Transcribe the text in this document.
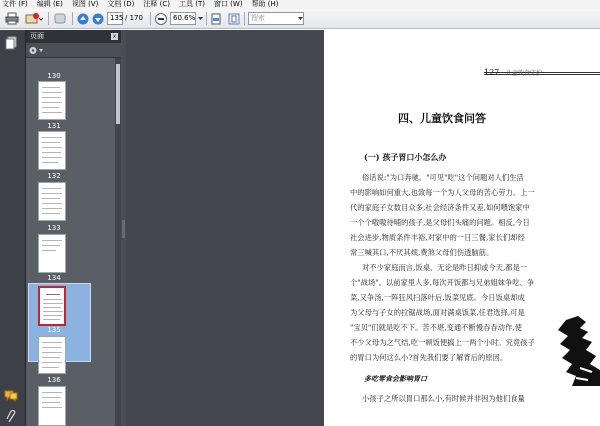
文件 (F) 编辑 (E) 视图 (V) 文档 (D) 注释 (C) 工具 (T) 窗口 (W) 帮助 (H)
135 / 170	60.6%	搜索
页面	x
130
131
132
133
134
135
136
127 儿童饮食守护
四、儿童饮食问答
(一) 孩子胃口小怎么办
俗话说:"为口奔驰。"可见"吃"这个问题对人们生活
中的影响如何重大,也致每一个为人父母的苦心劳力。上一
代的家庭子女数目众多,社会经济条件又差,如何喂饱家中
一个个嗷嗷待哺的孩子,是父母们头痛的问题。相反,今日
社会进步,物质条件丰裕,对家中的一日三餐,家长们却经
常三喊其口,不厌其烦,费煞父母们伤透脑筋。
对不少家庭而言,饭桌、无论是昨日抑或今天,都是一
个"战场"。以前家里人多,每次开饭都与兄弟姐妹争吃、争
菜,又争汤,一阵狂风扫落叶后,饭菜见底。今日饭桌却成
为父母与子女的拉锯战场,面对满桌饭菜,任君选择,可是
"宝贝"们就是吃不下。苦不堪,变通不断慢吞吞动作,使
不少父母为之气结,吃一顿饭便搞上一两个小时。究竟孩子
的胃口为何这么小?首先我们要了解背后的原因。
多吃零食会影响胃口
小孩子之所以胃口那么小,有时候并非因为他们食量
